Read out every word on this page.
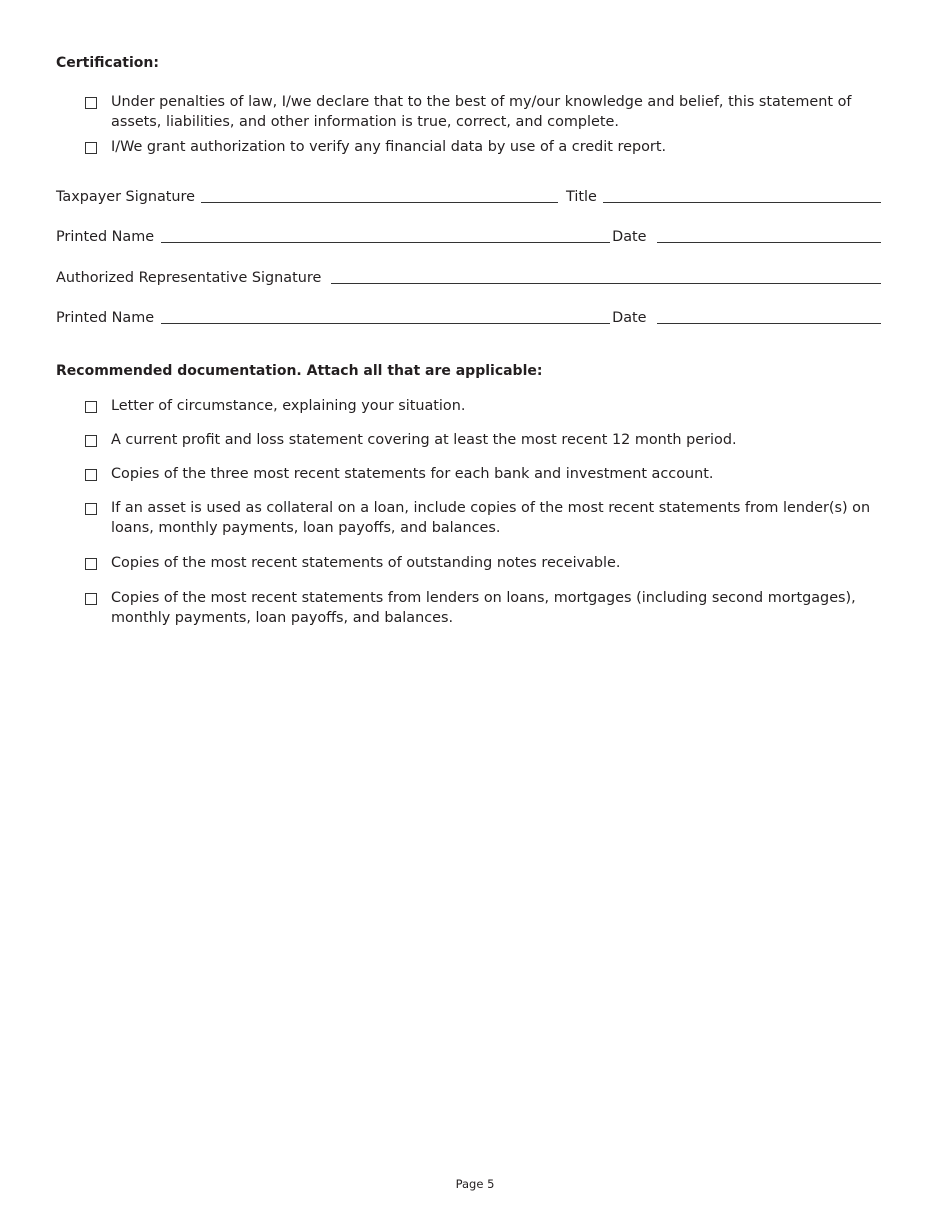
Certification:
Under penalties of law, I/we declare that to the best of my/our knowledge and belief, this statement of assets, liabilities, and other information is true, correct, and complete.
I/We grant authorization to verify any financial data by use of a credit report.
Taxpayer Signature	Title
Printed Name	Date
Authorized Representative Signature
Printed Name	Date
Recommended documentation. Attach all that are applicable:
Letter of circumstance, explaining your situation.
A current profit and loss statement covering at least the most recent 12 month period.
Copies of the three most recent statements for each bank and investment account.
If an asset is used as collateral on a loan, include copies of the most recent statements from lender(s) on loans, monthly payments, loan payoffs, and balances.
Copies of the most recent statements of outstanding notes receivable.
Copies of the most recent statements from lenders on loans, mortgages (including second mortgages), monthly payments, loan payoffs, and balances.
Page 5
